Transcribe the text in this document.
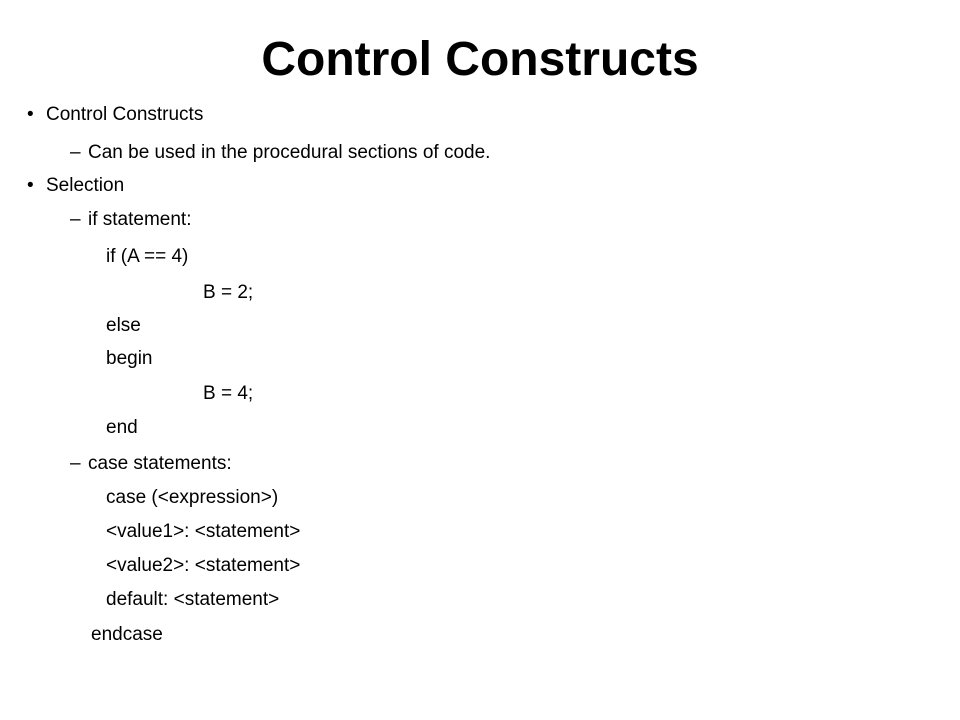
Control Constructs
• Control Constructs
– Can be used in the procedural sections of code.
• Selection
– if statement:
if (A == 4)
B = 2;
else
begin
B = 4;
end
– case statements:
case (<expression>)
<value1>: <statement>
<value2>: <statement>
default: <statement>
endcase
